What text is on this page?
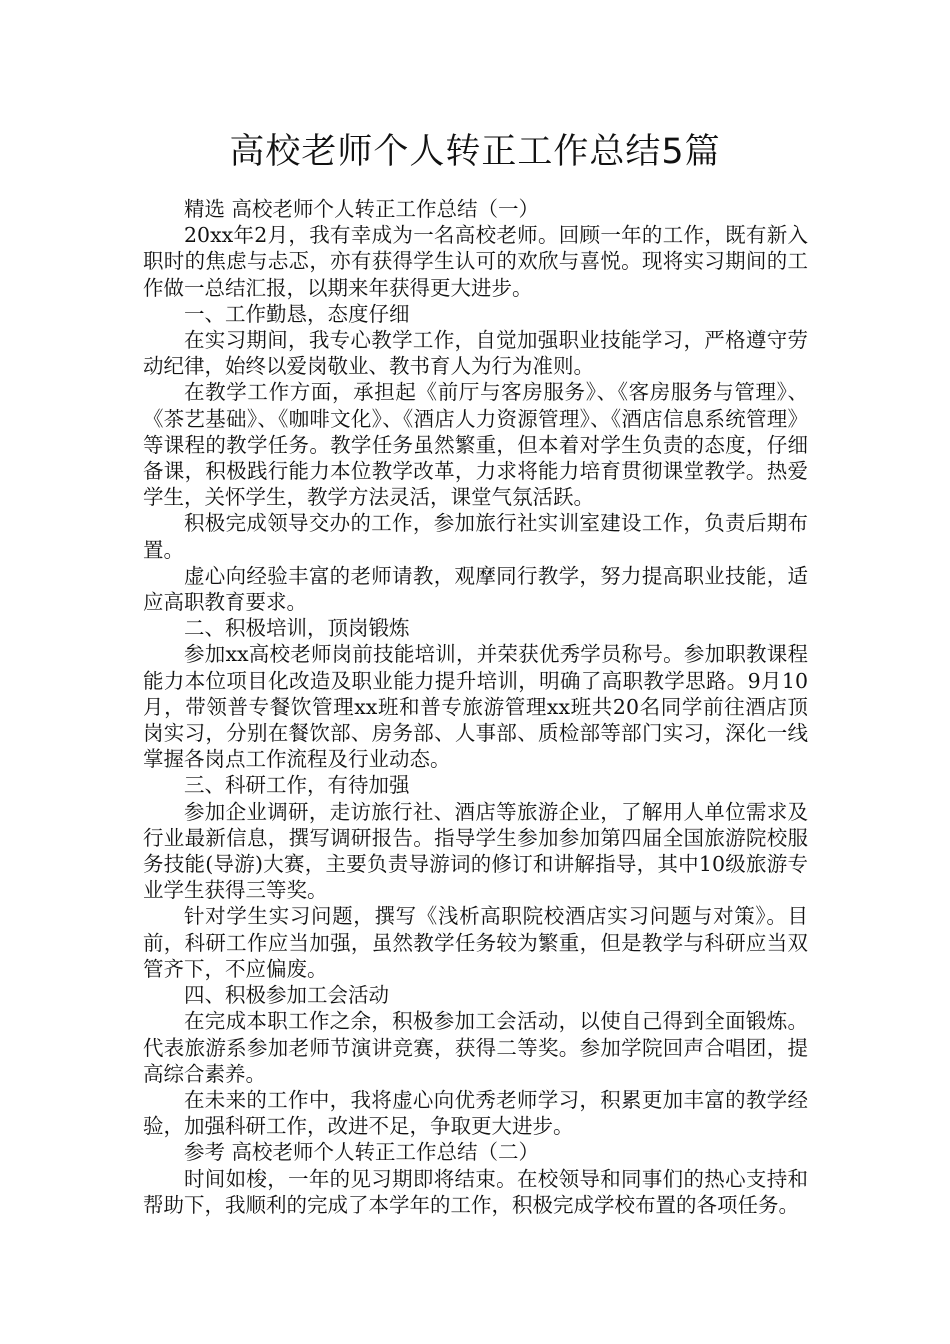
高校老师个人转正工作总结5篇

精选 高校老师个人转正工作总结（一）

20xx年2月，我有幸成为一名高校老师。回顾一年的工作，既有新入职时的焦虑与忐忑，亦有获得学生认可的欢欣与喜悦。现将实习期间的工作做一总结汇报，以期来年获得更大进步。

一、工作勤恳，态度仔细

在实习期间，我专心教学工作，自觉加强职业技能学习，严格遵守劳动纪律，始终以爱岗敬业、教书育人为行为准则。

在教学工作方面，承担起《前厅与客房服务》、《客房服务与管理》、《茶艺基础》、《咖啡文化》、《酒店人力资源管理》、《酒店信息系统管理》等课程的教学任务。教学任务虽然繁重，但本着对学生负责的态度，仔细备课，积极践行能力本位教学改革，力求将能力培育贯彻课堂教学。热爱学生，关怀学生，教学方法灵活，课堂气氛活跃。

积极完成领导交办的工作，参加旅行社实训室建设工作，负责后期布置。

虚心向经验丰富的老师请教，观摩同行教学，努力提高职业技能，适应高职教育要求。

二、积极培训，顶岗锻炼

参加xx高校老师岗前技能培训，并荣获优秀学员称号。参加职教课程能力本位项目化改造及职业能力提升培训，明确了高职教学思路。9月10月，带领普专餐饮管理xx班和普专旅游管理xx班共20名同学前往酒店顶岗实习，分别在餐饮部、房务部、人事部、质检部等部门实习，深化一线掌握各岗点工作流程及行业动态。

三、科研工作，有待加强

参加企业调研，走访旅行社、酒店等旅游企业，了解用人单位需求及行业最新信息，撰写调研报告。指导学生参加参加第四届全国旅游院校服务技能(导游)大赛，主要负责导游词的修订和讲解指导，其中10级旅游专业学生获得三等奖。

针对学生实习问题，撰写《浅析高职院校酒店实习问题与对策》。目前，科研工作应当加强，虽然教学任务较为繁重，但是教学与科研应当双管齐下，不应偏废。

四、积极参加工会活动

在完成本职工作之余，积极参加工会活动，以使自己得到全面锻炼。代表旅游系参加老师节演讲竞赛，获得二等奖。参加学院回声合唱团，提高综合素养。

在未来的工作中，我将虚心向优秀老师学习，积累更加丰富的教学经验，加强科研工作，改进不足，争取更大进步。

参考 高校老师个人转正工作总结（二）

时间如梭，一年的见习期即将结束。在校领导和同事们的热心支持和帮助下，我顺利的完成了本学年的工作，积极完成学校布置的各项任务。
